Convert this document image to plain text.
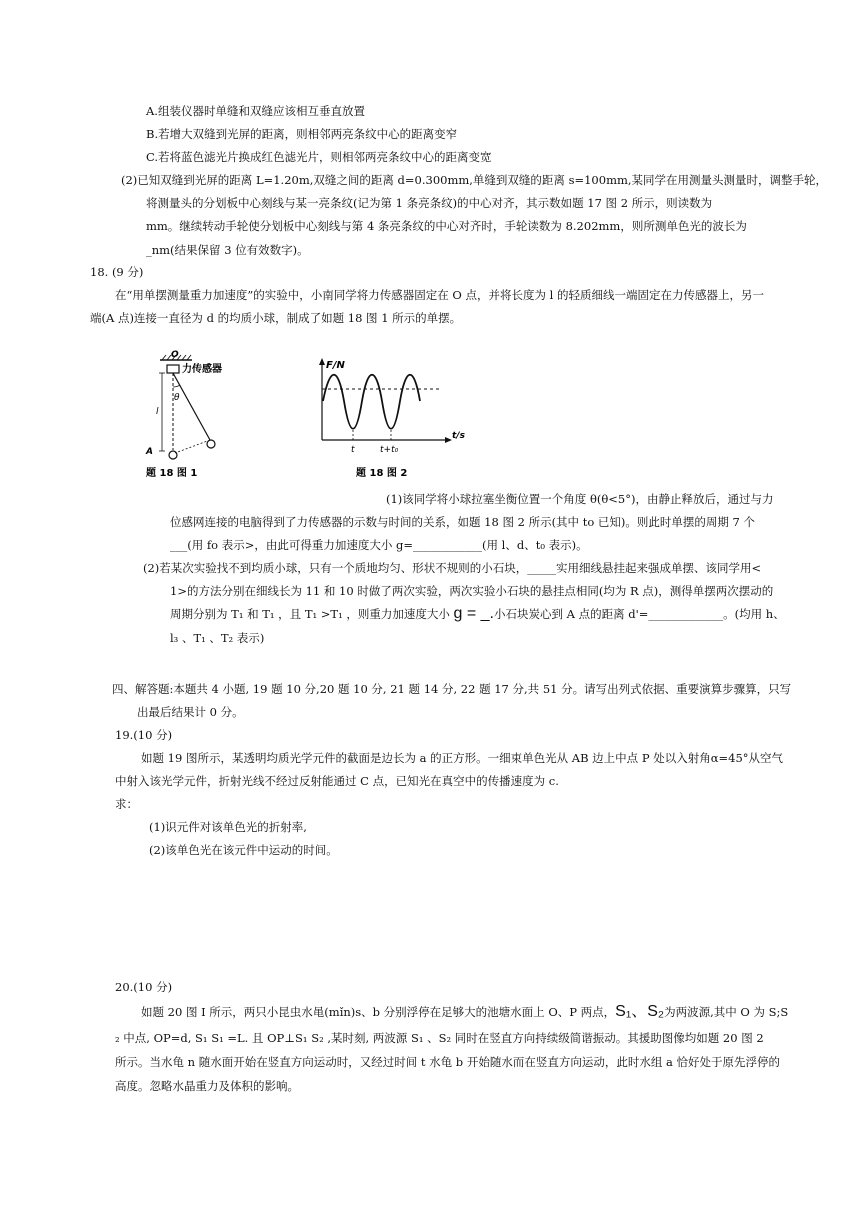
A.组装仪器时单缝和双缝应该相互垂直放置
B.若增大双缝到光屏的距离，则相邻两亮条纹中心的距离变窄
C.若将蓝色滤光片换成红色滤光片，则相邻两亮条纹中心的距离变宽
(2)已知双缝到光屏的距离 L=1.20m,双缝之间的距离 d=0.300mm,单缝到双缝的距离 s=100mm,某同学在用测量头测量时，调整手轮，
将测量头的分划板中心刻线与某一亮条纹(记为第 1 条亮条纹)的中心对齐，其示数如题 17 图 2 所示，则读数为
mm。继续转动手轮使分划板中心刻线与第 4 条亮条纹的中心对齐时，手轮读数为 8.202mm，则所测单色光的波长为
_nm(结果保留 3 位有效数字)。
18. (9 分)
在“用单摆测量重力加速度”的实验中，小南同学将力传感器固定在 O 点，并将长度为 l 的轻质细线一端固定在力传感器上，另一
端(A 点)连接一直径为 d 的均质小球，制成了如题 18 图 1 所示的单摆。
O
力传感器
θ
l
A
题 18 图 1
F/N
t/s
t	t+t₀
题 18 图 2
(1)该同学将小球拉塞坐衡位置一个角度 θ(θ<5°)，由静止释放后，通过与力
位感网连接的电脑得到了力传感器的示数与时间的关系，如题 18 图 2 所示(其中 to 已知)。则此时单摆的周期 7 个
___(用 fo 表示>，由此可得重力加速度大小 g=____________(用 l、d、t₀ 表示)。
(2)若某次实验找不到均质小球，只有一个质地均匀、形状不规则的小石块，_____实用细线悬挂起来强成单摆、该同学用<
1>的方法分别在细线长为 11 和 10 时做了两次实验，两次实验小石块的悬挂点相同(均为 R 点)，测得单摆两次摆动的
周期分别为 T₁ 和 T₁ ，且 T₁ >T₁ ，则重力加速度大小 g = _.小石块炭心到 A 点的距离 d'=_____________。(均用 h、
l₃ 、T₁ 、T₂ 表示)
四、解答题:本题共 4 小题, 19 题 10 分,20 题 10 分, 21 题 14 分, 22 题 17 分,共 51 分。请写出列式依据、重要演算步骤算，只写
出最后结果计 0 分。
19.(10 分)
如题 19 图所示，某透明均质光学元件的截面是边长为 a 的正方形。一细束单色光从 AB 边上中点 P 处以入射角α=45°从空气
中射入该光学元件，折射光线不经过反射能通过 C 点，已知光在真空中的传播速度为 c.
求：
(1)识元件对该单色光的折射率,
(2)该单色光在该元件中运动的时间。
20.(10 分)
如题 20 图 I 所示，两只小昆虫水黾(mǐn)s、b 分别浮停在足够大的池塘水面上 O、P 两点，S₁、S₂为两波源,其中 O 为 S;S
₂ 中点, OP=d, S₁ S₁ =L. 且 OP⊥S₁ S₂ ,某时刻, 两波源 S₁ 、S₂ 同时在竖直方向持续级简谐振动。其援助图像均如题 20 图 2
所示。当水龟 n 随水面开始在竖直方向运动时，又经过时间 t 水龟 b 开始随水而在竖直方向运动，此时水组 a 恰好处于原先浮停的
高度。忽略水晶重力及体积的影响。
